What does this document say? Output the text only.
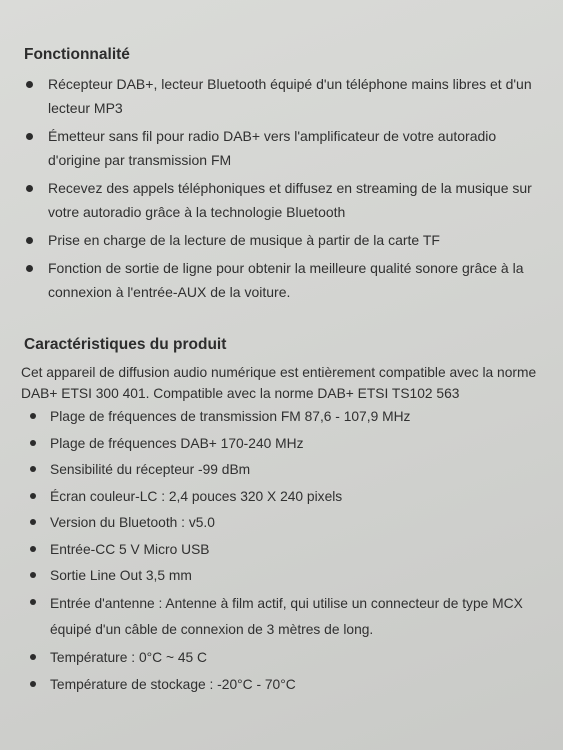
Fonctionnalité
Récepteur DAB+, lecteur Bluetooth équipé d'un téléphone mains libres et d'un lecteur MP3
Émetteur sans fil pour radio DAB+ vers l'amplificateur de votre autoradio d'origine par transmission FM
Recevez des appels téléphoniques et diffusez en streaming de la musique sur votre autoradio grâce à la technologie Bluetooth
Prise en charge de la lecture de musique à partir de la carte TF
Fonction de sortie de ligne pour obtenir la meilleure qualité sonore grâce à la connexion à l'entrée-AUX de la voiture.
Caractéristiques du produit

Cet appareil de diffusion audio numérique est entièrement compatible avec la norme DAB+ ETSI 300 401. Compatible avec la norme DAB+ ETSI TS102 563

Plage de fréquences de transmission FM 87,6 - 107,9 MHz
Plage de fréquences DAB+ 170-240 MHz
Sensibilité du récepteur -99 dBm
Écran couleur-LC : 2,4 pouces 320 X 240 pixels
Version du Bluetooth : v5.0
Entrée-CC 5 V Micro USB
Sortie Line Out 3,5 mm
Entrée d'antenne : Antenne à film actif, qui utilise un connecteur de type MCX équipé d'un câble de connexion de 3 mètres de long.
Température : 0°C ~ 45 C
Température de stockage : -20°C - 70°C
